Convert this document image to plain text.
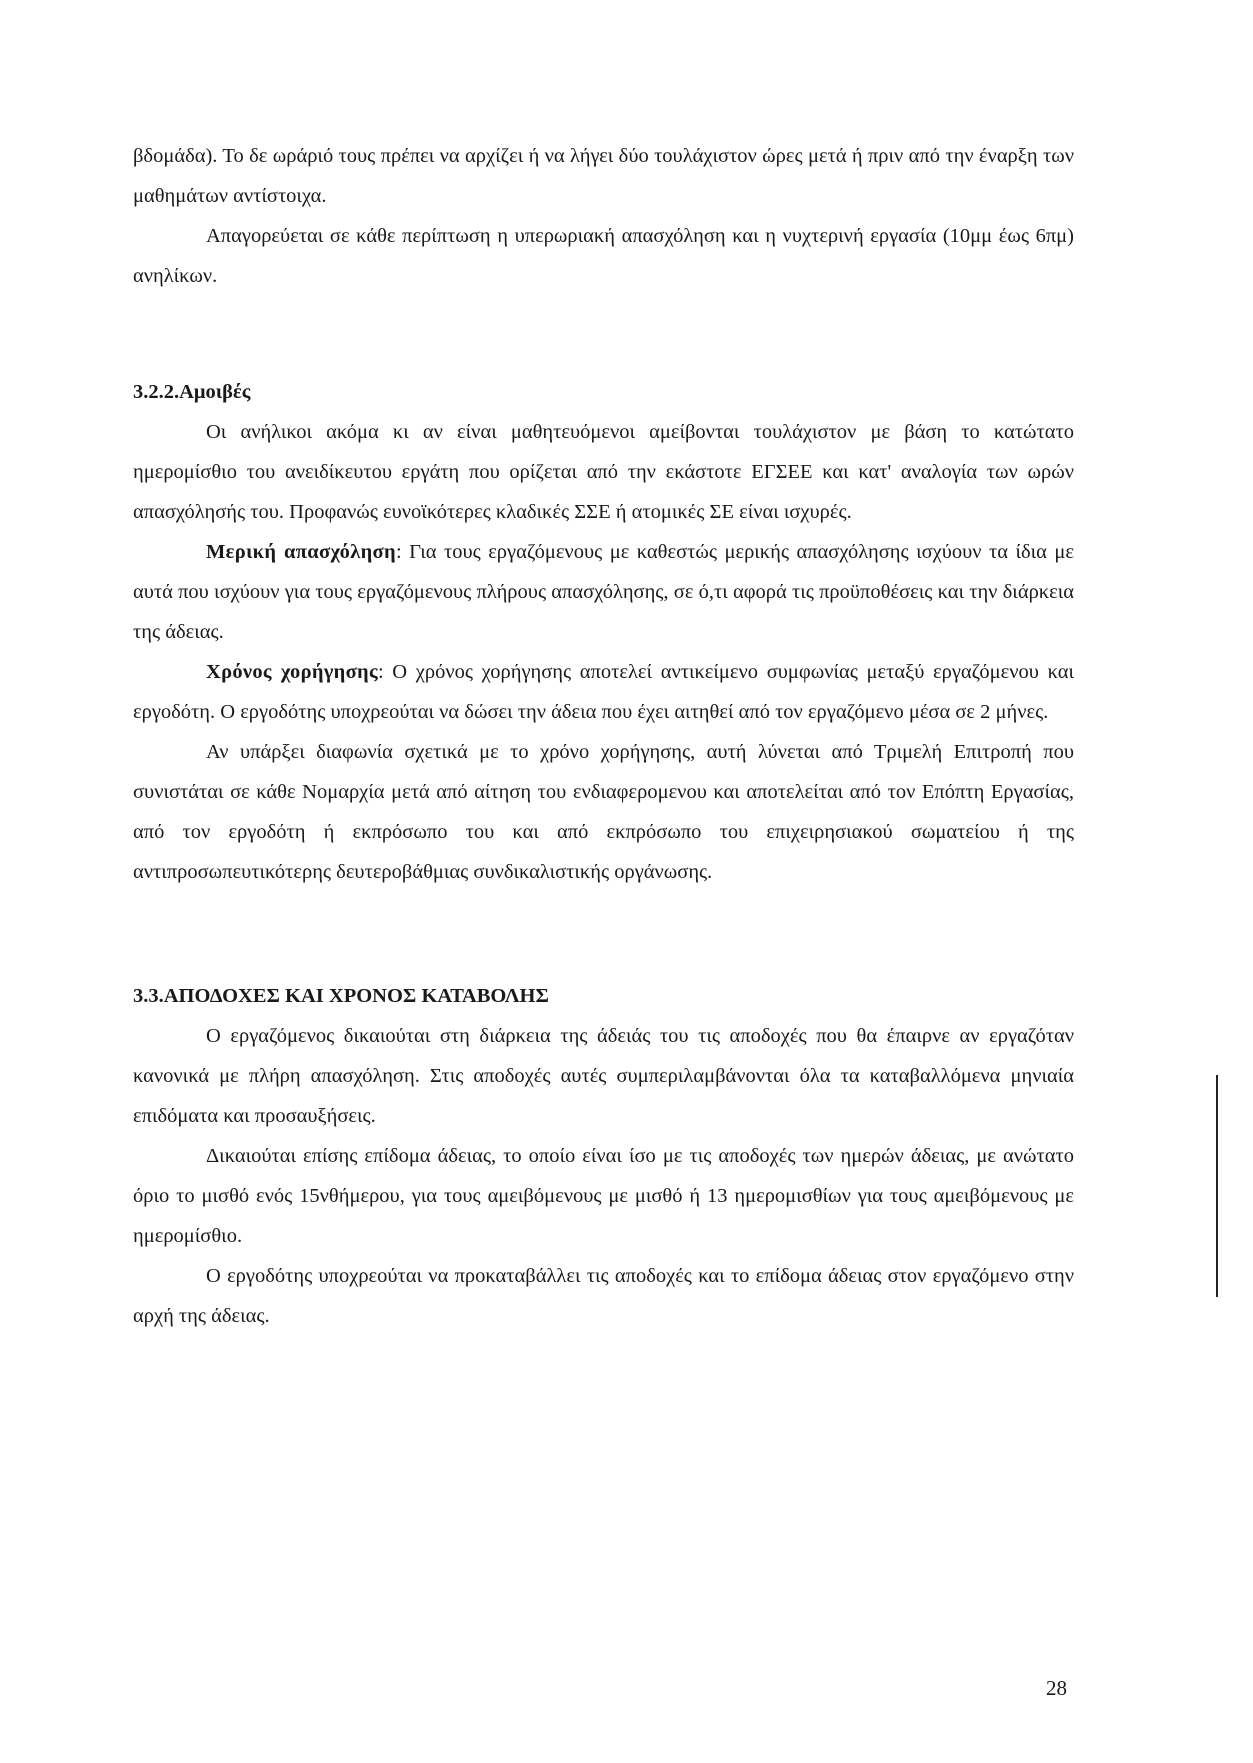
βδομάδα). Το δε ωράριό τους πρέπει να αρχίζει ή να λήγει δύο τουλάχιστον ώρες μετά ή πριν από την έναρξη των μαθημάτων αντίστοιχα.

Απαγορεύεται σε κάθε περίπτωση η υπερωριακή απασχόληση και η νυχτερινή εργασία (10μμ έως 6πμ) ανηλίκων.

3.2.2.Αμοιβές

Οι ανήλικοι ακόμα κι αν είναι μαθητευόμενοι αμείβονται τουλάχιστον με βάση το κατώτατο ημερομίσθιο του ανειδίκευτου εργάτη που ορίζεται από την εκάστοτε ΕΓΣΕΕ και κατ' αναλογία των ωρών απασχόλησής του. Προφανώς ευνοϊκότερες κλαδικές ΣΣΕ ή ατομικές ΣΕ είναι ισχυρές.

Μερική απασχόληση: Για τους εργαζόμενους με καθεστώς μερικής απασχόλησης ισχύουν τα ίδια με αυτά που ισχύουν για τους εργαζόμενους πλήρους απασχόλησης, σε ό,τι αφορά τις προϋποθέσεις και την διάρκεια της άδειας.

Χρόνος χορήγησης: Ο χρόνος χορήγησης αποτελεί αντικείμενο συμφωνίας μεταξύ εργαζόμενου και εργοδότη. Ο εργοδότης υποχρεούται να δώσει την άδεια που έχει αιτηθεί από τον εργαζόμενο μέσα σε 2 μήνες.

Αν υπάρξει διαφωνία σχετικά με το χρόνο χορήγησης, αυτή λύνεται από Τριμελή Επιτροπή που συνιστάται σε κάθε Νομαρχία μετά από αίτηση του ενδιαφερομενου και αποτελείται από τον Επόπτη Εργασίας, από τον εργοδότη ή εκπρόσωπο του και από εκπρόσωπο του επιχειρησιακού σωματείου ή της αντιπροσωπευτικότερης δευτεροβάθμιας συνδικαλιστικής οργάνωσης.

3.3.ΑΠΟΔΟΧΕΣ ΚΑΙ ΧΡΟΝΟΣ ΚΑΤΑΒΟΛΗΣ

Ο εργαζόμενος δικαιούται στη διάρκεια της άδειάς του τις αποδοχές που θα έπαιρνε αν εργαζόταν κανονικά με πλήρη απασχόληση. Στις αποδοχές αυτές συμπεριλαμβάνονται όλα τα καταβαλλόμενα μηνιαία επιδόματα και προσαυξήσεις.

Δικαιούται επίσης επίδομα άδειας, το οποίο είναι ίσο με τις αποδοχές των ημερών άδειας, με ανώτατο όριο το μισθό ενός 15νθήμερου, για τους αμειβόμενους με μισθό ή 13 ημερομισθίων για τους αμειβόμενους με ημερομίσθιο.

Ο εργοδότης υποχρεούται να προκαταβάλλει τις αποδοχές και το επίδομα άδειας στον εργαζόμενο στην αρχή της άδειας.

28
